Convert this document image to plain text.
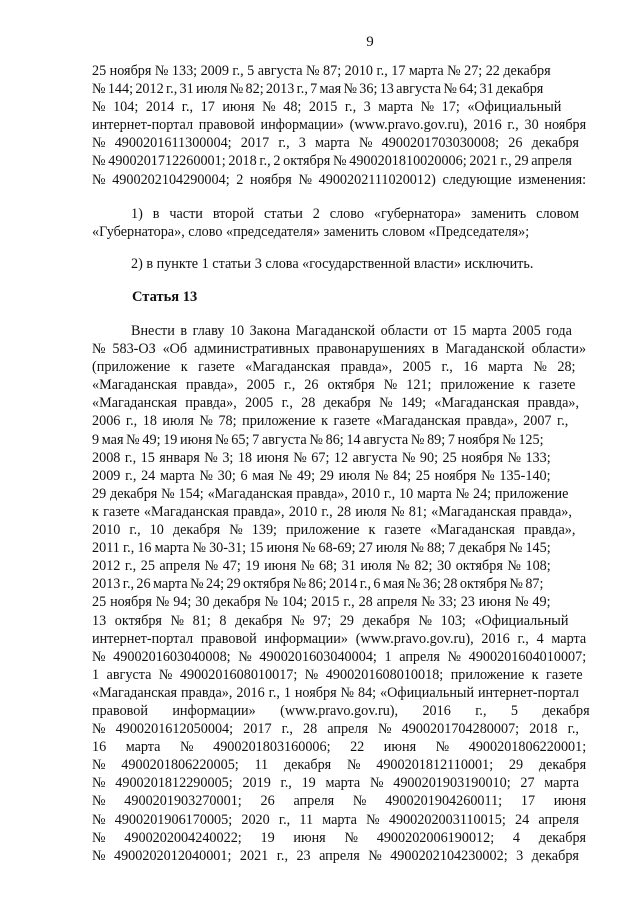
9
25 ноября № 133; 2009 г., 5 августа № 87; 2010 г., 17 марта № 27; 22 декабря
№ 144; 2012 г., 31 июля № 82; 2013 г., 7 мая № 36; 13 августа № 64; 31 декабря
№ 104; 2014 г., 17 июня № 48; 2015 г., 3 марта № 17; «Официальный
интернет-портал правовой информации» (www.pravo.gov.ru), 2016 г., 30 ноября
№ 4900201611300004; 2017 г., 3 марта № 4900201703030008; 26 декабря
№ 4900201712260001; 2018 г., 2 октября № 4900201810020006; 2021 г., 29 апреля
№ 4900202104290004; 2 ноября № 4900202111020012) следующие изменения:
1) в части второй статьи 2 слово «губернатора» заменить словом
«Губернатора», слово «председателя» заменить словом «Председателя»;
2) в пункте 1 статьи 3 слова «государственной власти» исключить.
Статья 13
Внести в главу 10 Закона Магаданской области от 15 марта 2005 года
№ 583-ОЗ «Об административных правонарушениях в Магаданской области»
(приложение к газете «Магаданская правда», 2005 г., 16 марта № 28;
«Магаданская правда», 2005 г., 26 октября № 121; приложение к газете
«Магаданская правда», 2005 г., 28 декабря № 149; «Магаданская правда»,
2006 г., 18 июля № 78; приложение к газете «Магаданская правда», 2007 г.,
9 мая № 49; 19 июня № 65; 7 августа № 86; 14 августа № 89; 7 ноября № 125;
2008 г., 15 января № 3; 18 июня № 67; 12 августа № 90; 25 ноября № 133;
2009 г., 24 марта № 30; 6 мая № 49; 29 июля № 84; 25 ноября № 135-140;
29 декабря № 154; «Магаданская правда», 2010 г., 10 марта № 24; приложение
к газете «Магаданская правда», 2010 г., 28 июля № 81; «Магаданская правда»,
2010 г., 10 декабря № 139; приложение к газете «Магаданская правда»,
2011 г., 16 марта № 30-31; 15 июня № 68-69; 27 июля № 88; 7 декабря № 145;
2012 г., 25 апреля № 47; 19 июня № 68; 31 июля № 82; 30 октября № 108;
2013 г., 26 марта № 24; 29 октября № 86; 2014 г., 6 мая № 36; 28 октября № 87;
25 ноября № 94; 30 декабря № 104; 2015 г., 28 апреля № 33; 23 июня № 49;
13 октября № 81; 8 декабря № 97; 29 декабря № 103; «Официальный
интернет-портал правовой информации» (www.pravo.gov.ru), 2016 г., 4 марта
№ 4900201603040008; № 4900201603040004; 1 апреля № 4900201604010007;
1 августа № 4900201608010017; № 4900201608010018; приложение к газете
«Магаданская правда», 2016 г., 1 ноября № 84; «Официальный интернет-портал
правовой информации» (www.pravo.gov.ru), 2016 г., 5 декабря
№ 4900201612050004; 2017 г., 28 апреля № 4900201704280007; 2018 г.,
16 марта № 4900201803160006; 22 июня № 4900201806220001;
№ 4900201806220005; 11 декабря № 4900201812110001; 29 декабря
№ 4900201812290005; 2019 г., 19 марта № 4900201903190010; 27 марта
№ 4900201903270001; 26 апреля № 4900201904260011; 17 июня
№ 4900201906170005; 2020 г., 11 марта № 4900202003110015; 24 апреля
№ 4900202004240022; 19 июня № 4900202006190012; 4 декабря
№ 4900202012040001; 2021 г., 23 апреля № 4900202104230002; 3 декабря
